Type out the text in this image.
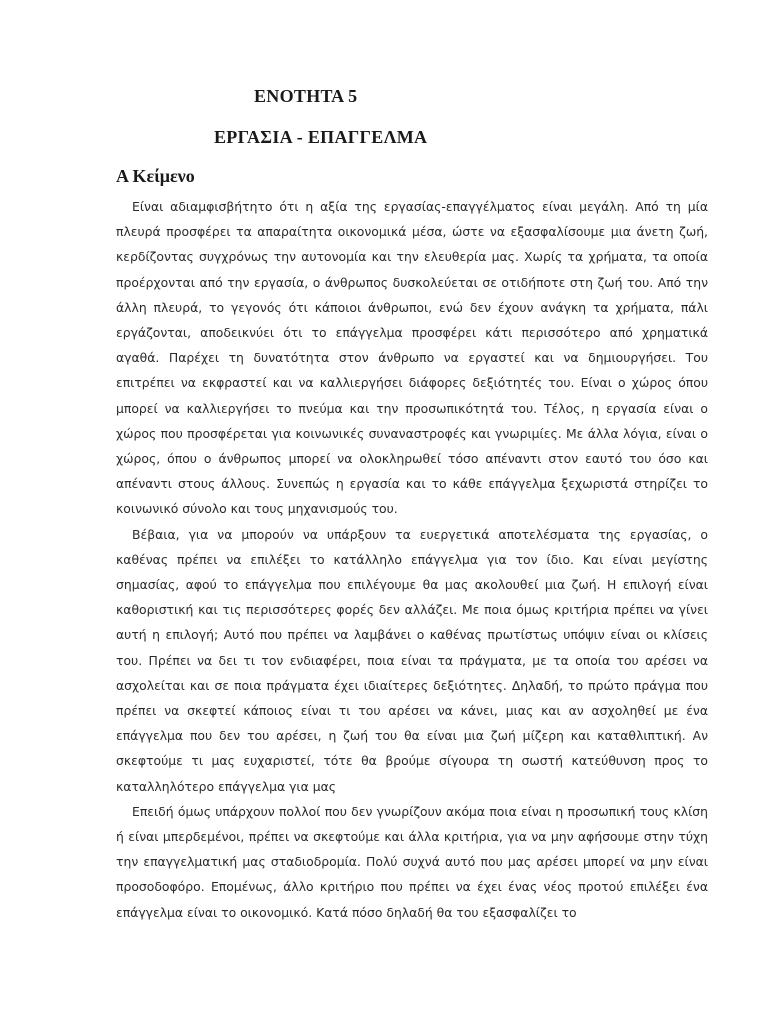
ΕΝΟΤΗΤΑ 5
ΕΡΓΑΣΙΑ - ΕΠΑΓΓΕΛΜΑ
Α Κείμενο

Είναι αδιαμφισβήτητο ότι η αξία της εργασίας-επαγγέλματος είναι μεγάλη. Από τη μία πλευρά προσφέρει τα απαραίτητα οικονομικά μέσα, ώστε να εξασφαλίσουμε μια άνετη ζωή, κερδίζοντας συγχρόνως την αυτονομία και την ελευθερία μας. Χωρίς τα χρήματα, τα οποία προέρχονται από την εργασία, ο άνθρωπος δυσκολεύεται σε οτιδήποτε στη ζωή του. Από την άλλη πλευρά, το γεγονός ότι κάποιοι άνθρωποι, ενώ δεν έχουν ανάγκη τα χρήματα, πάλι εργάζονται, αποδεικνύει ότι το επάγγελμα προσφέρει κάτι περισσότερο από χρηματικά αγαθά. Παρέχει τη δυνατότητα στον άνθρωπο να εργαστεί και να δημιουργήσει. Του επιτρέπει να εκφραστεί και να καλλιεργήσει διάφορες δεξιότητές του. Είναι ο χώρος όπου μπορεί να καλλιεργήσει το πνεύμα και την προσωπικότητά του. Τέλος, η εργασία είναι ο χώρος που προσφέρεται για κοινωνικές συναναστροφές και γνωριμίες. Με άλλα λόγια, είναι ο χώρος, όπου ο άνθρωπος μπορεί να ολοκληρωθεί τόσο απέναντι στον εαυτό του όσο και απέναντι στους άλλους. Συνεπώς η εργασία και το κάθε επάγγελμα ξεχωριστά στηρίζει το κοινωνικό σύνολο και τους μηχανισμούς του.

Βέβαια, για να μπορούν να υπάρξουν τα ευεργετικά αποτελέσματα της εργασίας, ο καθένας πρέπει να επιλέξει το κατάλληλο επάγγελμα για τον ίδιο. Και είναι μεγίστης σημασίας, αφού το επάγγελμα που επιλέγουμε θα μας ακολουθεί μια ζωή. Η επιλογή είναι καθοριστική και τις περισσότερες φορές δεν αλλάζει. Με ποια όμως κριτήρια πρέπει να γίνει αυτή η επιλογή; Αυτό που πρέπει να λαμβάνει ο καθένας πρωτίστως υπόψιν είναι οι κλίσεις του. Πρέπει να δει τι τον ενδιαφέρει, ποια είναι τα πράγματα, με τα οποία του αρέσει να ασχολείται και σε ποια πράγματα έχει ιδιαίτερες δεξιότητες. Δηλαδή, το πρώτο πράγμα που πρέπει να σκεφτεί κάποιος είναι τι του αρέσει να κάνει, μιας και αν ασχοληθεί με ένα επάγγελμα που δεν του αρέσει, η ζωή του θα είναι μια ζωή μίζερη και καταθλιπτική. Αν σκεφτούμε τι μας ευχαριστεί, τότε θα βρούμε σίγουρα τη σωστή κατεύθυνση προς το καταλληλότερο επάγγελμα για μας

Επειδή όμως υπάρχουν πολλοί που δεν γνωρίζουν ακόμα ποια είναι η προσωπική τους κλίση ή είναι μπερδεμένοι, πρέπει να σκεφτούμε και άλλα κριτήρια, για να μην αφήσουμε στην τύχη την επαγγελματική μας σταδιοδρομία. Πολύ συχνά αυτό που μας αρέσει μπορεί να μην είναι προσοδοφόρο. Επομένως, άλλο κριτήριο που πρέπει να έχει ένας νέος προτού επιλέξει ένα επάγγελμα είναι το οικονομικό. Κατά πόσο δηλαδή θα του εξασφαλίζει το
